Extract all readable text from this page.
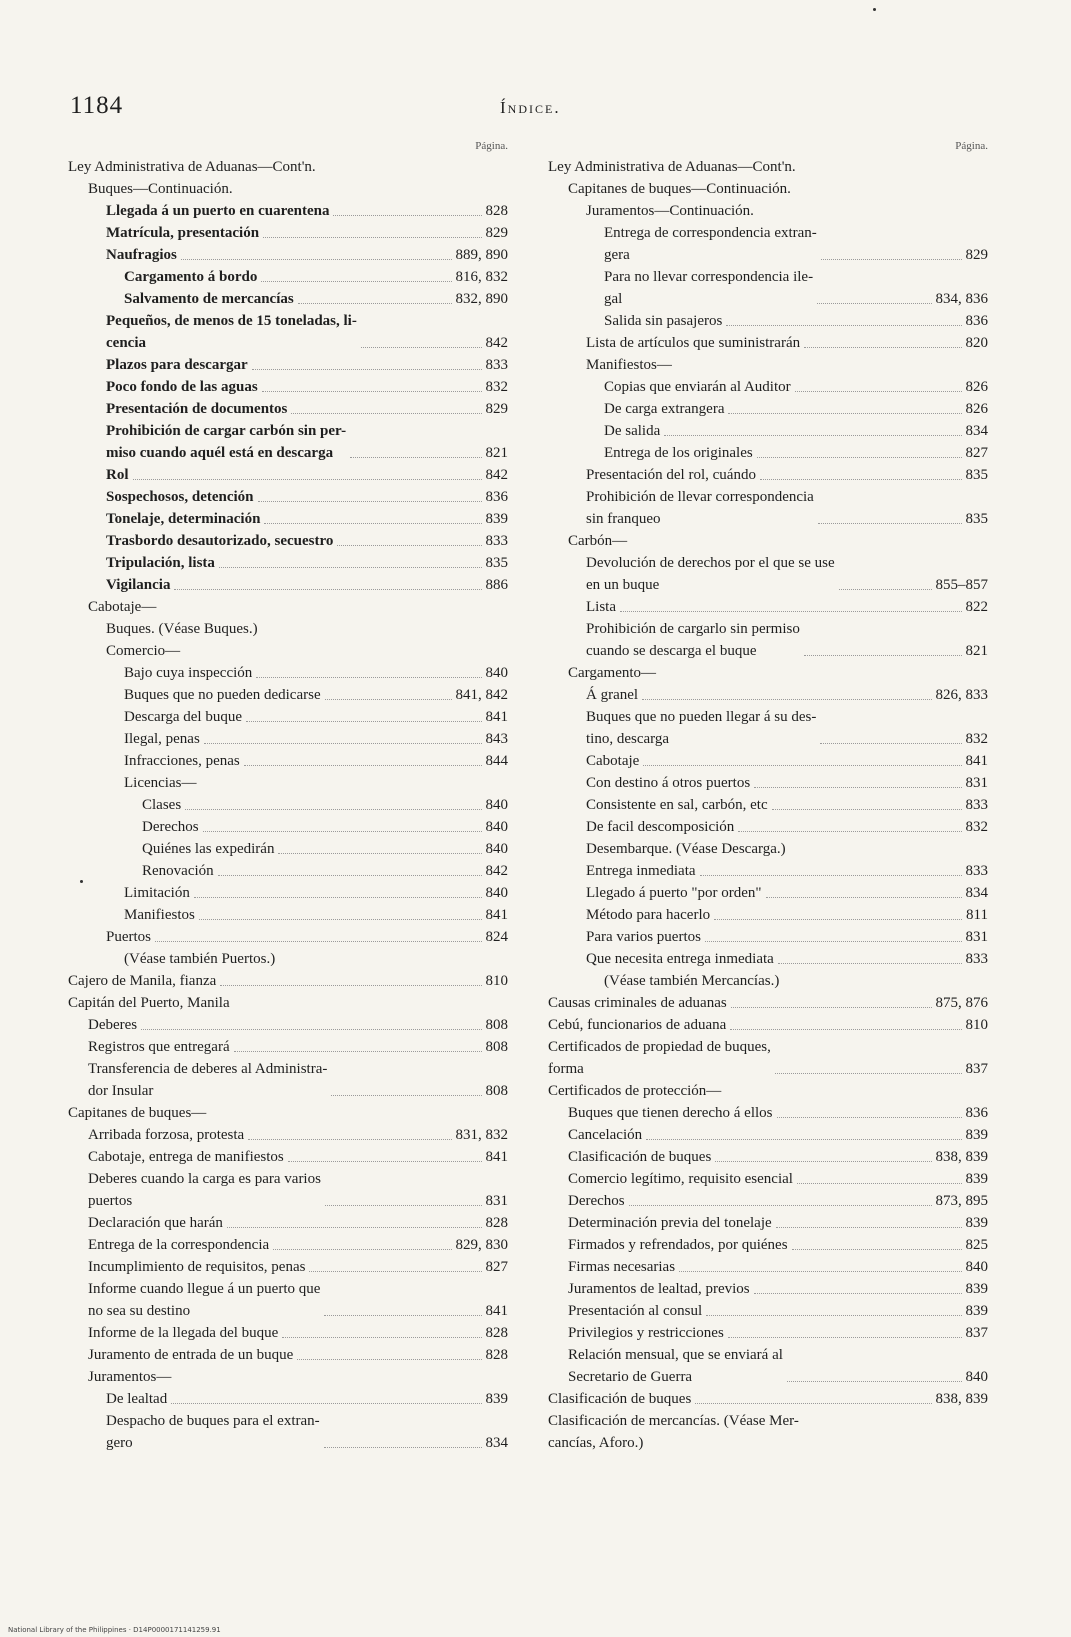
1184	Índice.
Página.
Ley Administrativa de Aduanas—Cont'n.
Buques—Continuación.
Llegada á un puerto en cuarentena	828
Matrícula, presentación	829
Naufragios	889, 890
Cargamento á bordo	816, 832
Salvamento de mercancías	832, 890
Pequeños, de menos de 15 toneladas, li-
cencia	842
Plazos para descargar	833
Poco fondo de las aguas	832
Presentación de documentos	829
Prohibición de cargar carbón sin per-
miso cuando aquél está en descarga	821
Rol	842
Sospechosos, detención	836
Tonelaje, determinación	839
Trasbordo desautorizado, secuestro	833
Tripulación, lista	835
Vigilancia	886
Cabotaje—
Buques. (Véase Buques.)
Comercio—
Bajo cuya inspección	840
Buques que no pueden dedicarse	841, 842
Descarga del buque	841
Ilegal, penas	843
Infracciones, penas	844
Licencias—
Clases	840
Derechos	840
Quiénes las expedirán	840
Renovación	842
Limitación	840
Manifiestos	841
Puertos	824
(Véase también Puertos.)
Cajero de Manila, fianza	810
Capitán del Puerto, Manila
Deberes	808
Registros que entregará	808
Transferencia de deberes al Administra-
dor Insular	808
Capitanes de buques—
Arribada forzosa, protesta	831, 832
Cabotaje, entrega de manifiestos	841
Deberes cuando la carga es para varios
puertos	831
Declaración que harán	828
Entrega de la correspondencia	829, 830
Incumplimiento de requisitos, penas	827
Informe cuando llegue á un puerto que
no sea su destino	841
Informe de la llegada del buque	828
Juramento de entrada de un buque	828
Juramentos—
De lealtad	839
Despacho de buques para el extran-
gero	834
Página.
Ley Administrativa de Aduanas—Cont'n.
Capitanes de buques—Continuación.
Juramentos—Continuación.
Entrega de correspondencia extran-
gera	829
Para no llevar correspondencia ile-
gal	834, 836
Salida sin pasajeros	836
Lista de artículos que suministrarán	820
Manifiestos—
Copias que enviarán al Auditor	826
De carga extrangera	826
De salida	834
Entrega de los originales	827
Presentación del rol, cuándo	835
Prohibición de llevar correspondencia
sin franqueo	835
Carbón—
Devolución de derechos por el que se use
en un buque	855–857
Lista	822
Prohibición de cargarlo sin permiso
cuando se descarga el buque	821
Cargamento—
Á granel	826, 833
Buques que no pueden llegar á su des-
tino, descarga	832
Cabotaje	841
Con destino á otros puertos	831
Consistente en sal, carbón, etc	833
De facil descomposición	832
Desembarque. (Véase Descarga.)
Entrega inmediata	833
Llegado á puerto "por orden"	834
Método para hacerlo	811
Para varios puertos	831
Que necesita entrega inmediata	833
(Véase también Mercancías.)
Causas criminales de aduanas	875, 876
Cebú, funcionarios de aduana	810
Certificados de propiedad de buques,
forma	837
Certificados de protección—
Buques que tienen derecho á ellos	836
Cancelación	839
Clasificación de buques	838, 839
Comercio legítimo, requisito esencial	839
Derechos	873, 895
Determinación previa del tonelaje	839
Firmados y refrendados, por quiénes	825
Firmas necesarias	840
Juramentos de lealtad, previos	839
Presentación al consul	839
Privilegios y restricciones	837
Relación mensual, que se enviará al
Secretario de Guerra	840
Clasificación de buques	838, 839
Clasificación de mercancías. (Véase Mer-
cancías, Aforo.)
National Library of the Philippines · D14P0000171141259.91
